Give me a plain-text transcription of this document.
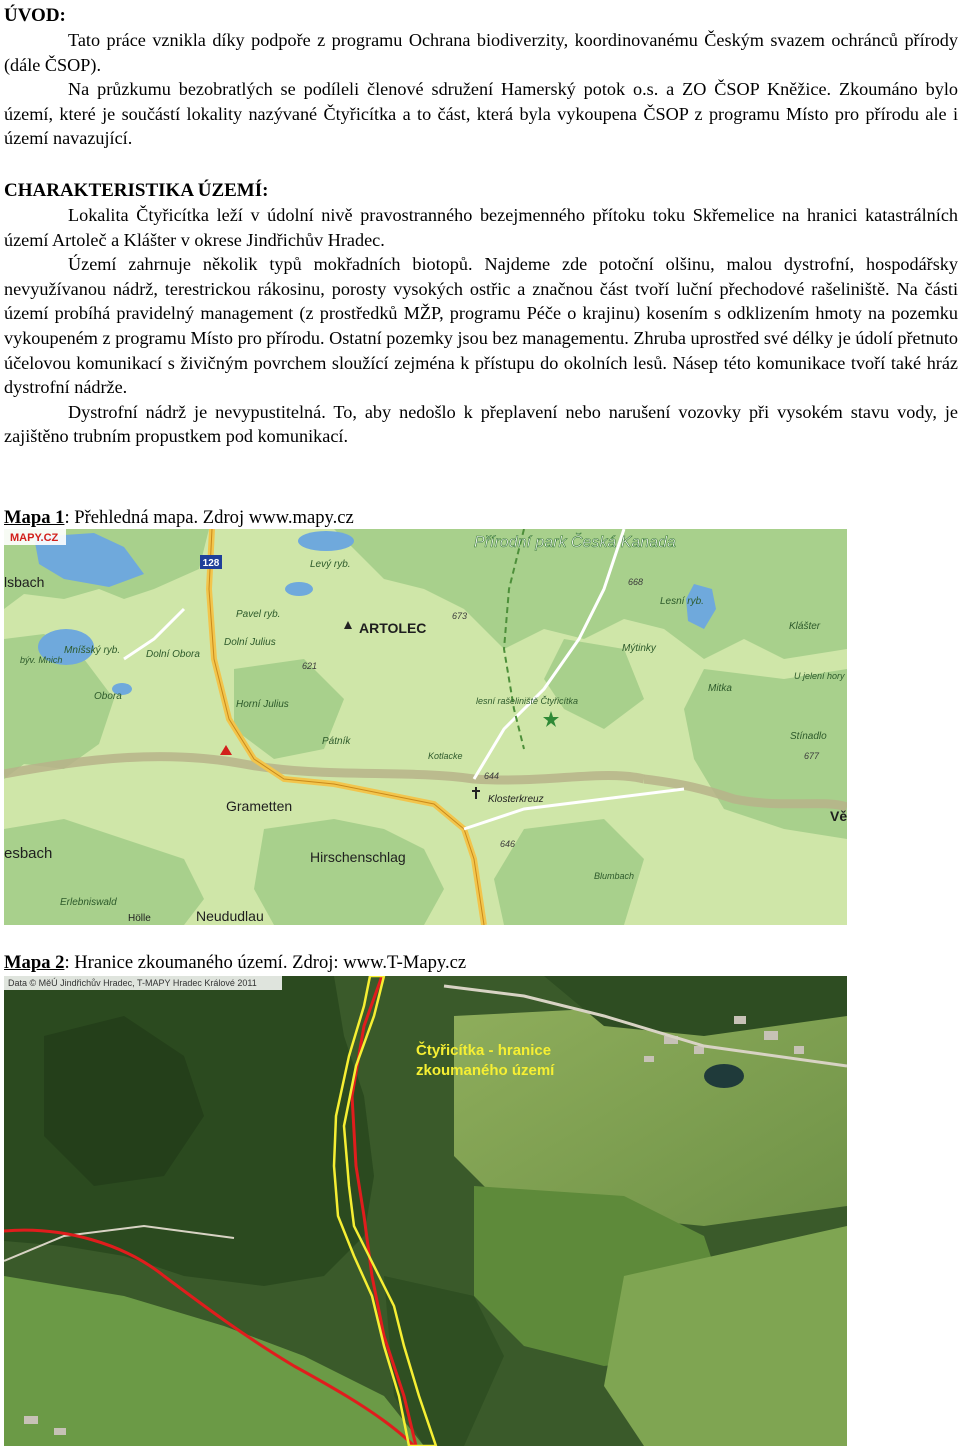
ÚVOD:

Tato práce vznikla díky podpoře z programu Ochrana biodiverzity, koordinovanému Českým svazem ochránců přírody (dále ČSOP).

Na průzkumu bezobratlých se podíleli členové sdružení Hamerský potok o.s. a ZO ČSOP Kněžice. Zkoumáno bylo území, které je součástí lokality nazývané Čtyřicítka a to část, která byla vykoupena ČSOP z programu Místo pro přírodu ale i území navazující.

CHARAKTERISTIKA ÚZEMÍ:

Lokalita Čtyřicítka leží v údolní nivě pravostranného bezejmenného přítoku toku Skřemelice na hranici katastrálních území Artoleč a Klášter v okrese Jindřichův Hradec.

Území zahrnuje několik typů mokřadních biotopů. Najdeme zde potoční olšinu, malou dystrofní, hospodářsky nevyužívanou nádrž, terestrickou rákosinu, porosty vysokých ostřic a značnou část tvoří luční přechodové rašeliniště. Na části území probíhá pravidelný management (z prostředků MŽP, programu Péče o krajinu) kosením s odklizením hmoty na pozemku vykoupeném z programu Místo pro přírodu. Ostatní pozemky jsou bez managementu. Zhruba uprostřed své délky je údolí přetnuto účelovou komunikací s živičným povrchem sloužící zejména k přístupu do okolních lesů. Násep této komunikace tvoří také hráz dystrofní nádrže.

Dystrofní nádrž je nevypustitelná. To, aby nedošlo k přeplavení nebo narušení vozovky při vysokém stavu vody, je zajištěno trubním propustkem pod komunikací.

Mapa 1: Přehledná mapa. Zdroj www.mapy.cz
128
MAPY.CZ	Přírodní park Česká Kanada
Levý ryb.
Pavel ryb.
Mníšský ryb.
býv. Mnich
Dolní Julius
Horní Julius
Dolní Obora
Obora
Pátník
lesní rašeliniště Čtyřicítka
Lesní ryb.
Mýtinky
Mitka
Klášter
U jelení hory
Stínadlo
Kotlacke
Erlebniswald
Blumbach
ARTOLEC
Klosterkreuz
Grametten
Hirschenschlag
Neududlau
Hölle
Vě
esbach
lsbach	668
673
621
644
646
677
Mapa 2: Hranice zkoumaného území. Zdroj: www.T-Mapy.cz
Data © MěÚ Jindřichův Hradec, T-MAPY Hradec Králové 2011
Čtyřicítka - hranice
zkoumaného území
